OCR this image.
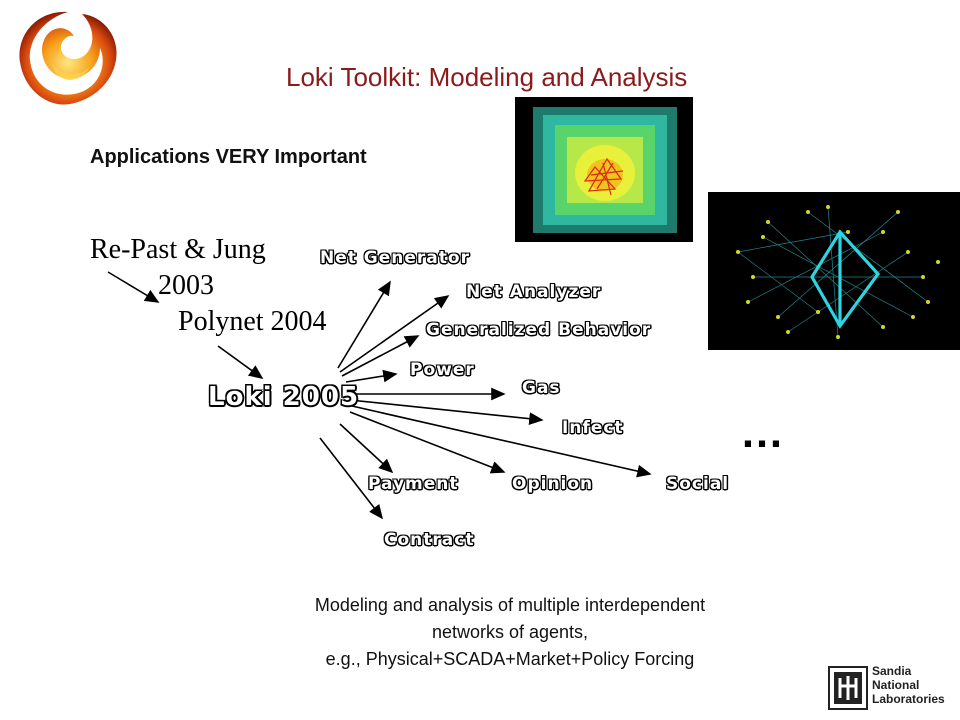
Loki Toolkit: Modeling and Analysis
Applications VERY Important
Re-Past & Jung
2003
Polynet 2004
Loki 2005
Net Generator
Net Analyzer
Generalized Behavior
Power
Gas
Infect
Payment	Opinion	Social
Contract
…
Modeling and analysis of multiple interdependent
networks of agents,
e.g., Physical+SCADA+Market+Policy Forcing
Sandia
National
Laboratories
